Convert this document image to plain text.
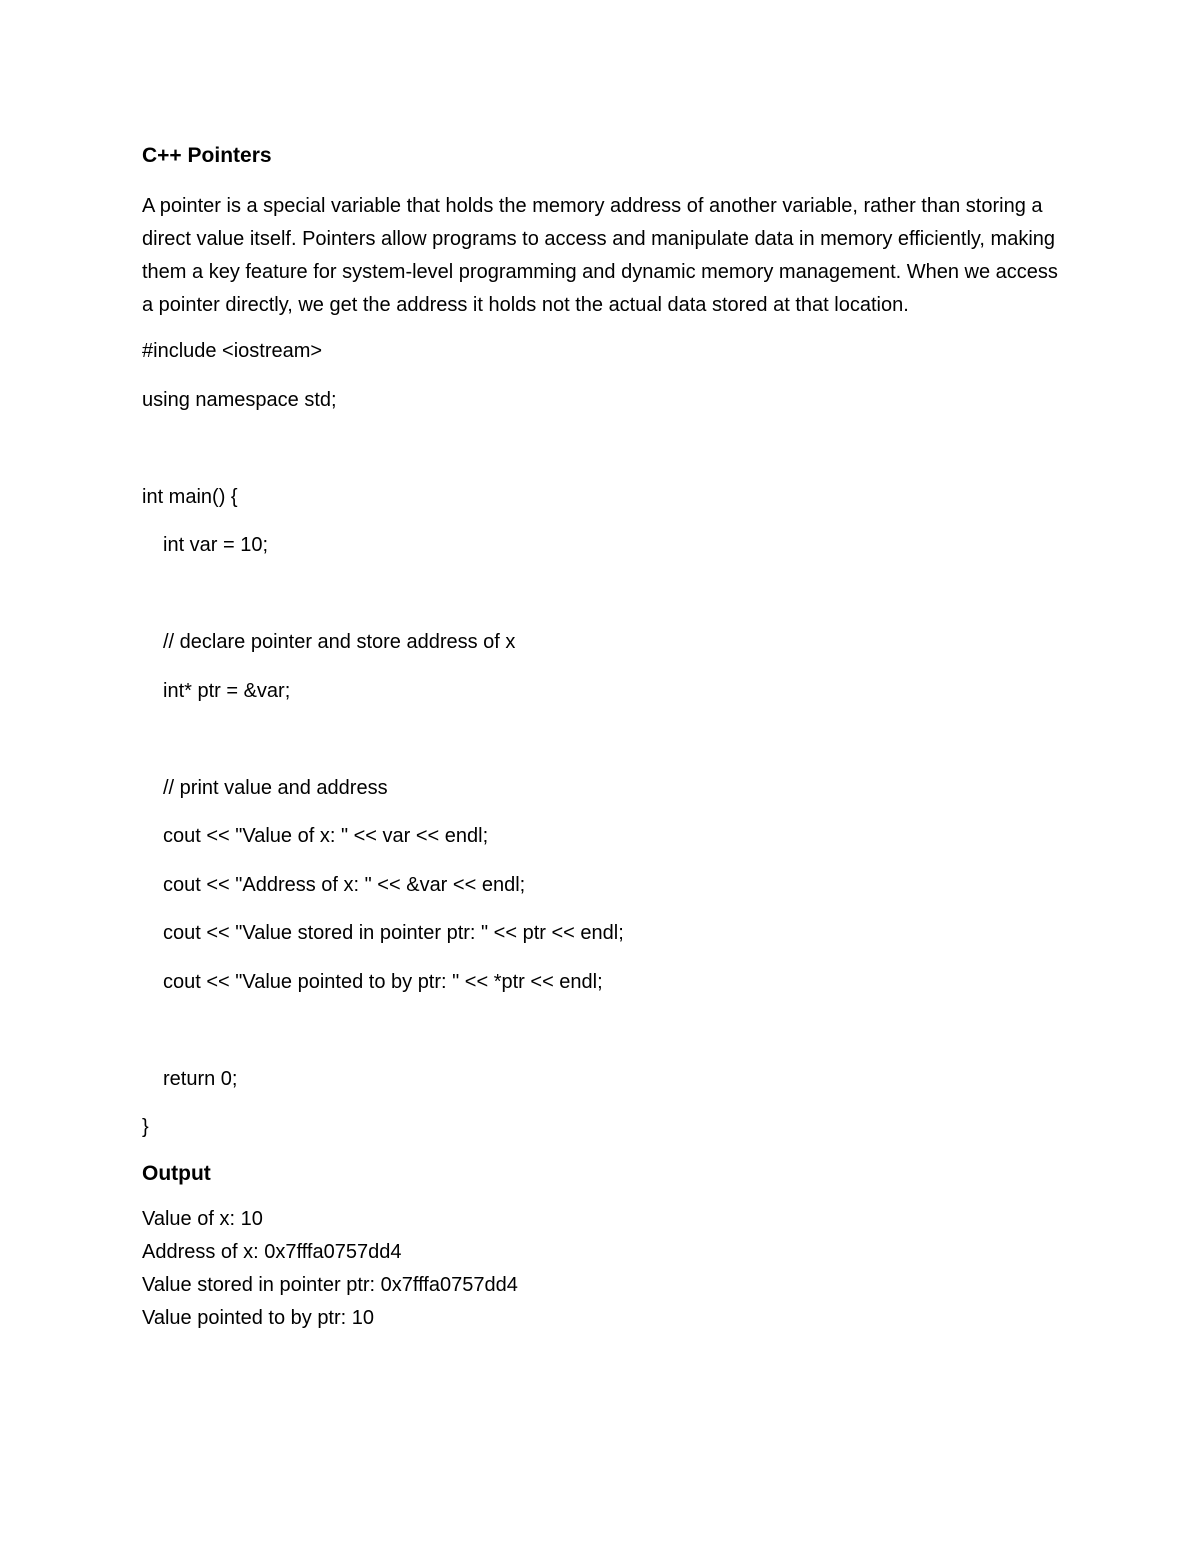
C++ Pointers

A pointer is a special variable that holds the memory address of another variable, rather than storing a direct value itself. Pointers allow programs to access and manipulate data in memory efficiently, making them a key feature for system-level programming and dynamic memory management. When we access a pointer directly, we get the address it holds not the actual data stored at that location.

#include <iostream>
using namespace std;
int main() {
int var = 10;
// declare pointer and store address of x
int* ptr = &var;
// print value and address
cout << "Value of x: " << var << endl;
cout << "Address of x: " << &var << endl;
cout << "Value stored in pointer ptr: " << ptr << endl;
cout << "Value pointed to by ptr: " << *ptr << endl;
return 0;
}
Output
Value of x: 10
Address of x: 0x7fffa0757dd4
Value stored in pointer ptr: 0x7fffa0757dd4
Value pointed to by ptr: 10
